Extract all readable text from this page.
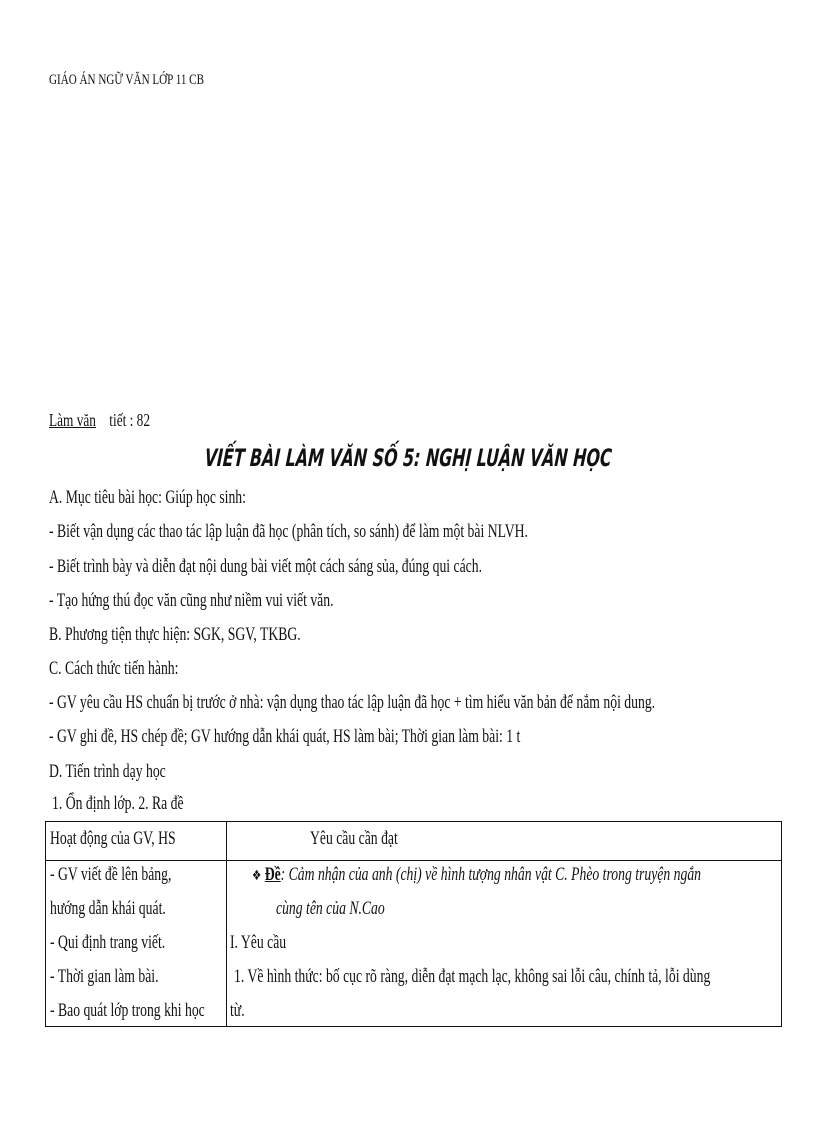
GIÁO ÁN NGỮ VĂN LỚP 11 CB
Làm văn tiết : 82
VIẾT BÀI LÀM VĂN SỐ 5: NGHỊ LUẬN VĂN HỌC
A. Mục tiêu bài học: Giúp học sinh:
- Biết vận dụng các thao tác lập luận đã học (phân tích, so sánh) để làm một bài NLVH.
- Biết trình bày và diễn đạt nội dung bài viết một cách sáng sủa, đúng qui cách.
- Tạo hứng thú đọc văn cũng như niềm vui viết văn.
B. Phương tiện thực hiện: SGK, SGV, TKBG.
C. Cách thức tiến hành:
- GV yêu cầu HS chuẩn bị trước ở nhà: vận dụng thao tác lập luận đã học + tìm hiểu văn bản để nắm nội dung.
- GV ghi đề, HS chép đề; GV hướng dẫn khái quát, HS làm bài; Thời gian làm bài: 1 t
D. Tiến trình dạy học
1. Ổn định lớp. 2. Ra đề
Hoạt động của GV, HS	Yêu cầu cần đạt
- GV viết đề lên bảng,
hướng dẫn khái quát.
- Qui định trang viết.
- Thời gian làm bài.
- Bao quát lớp trong khi học
❖ Đề: Cảm nhận của anh (chị) về hình tượng nhân vật C. Phèo trong truyện ngắn
cùng tên của N.Cao
I. Yêu cầu
1. Về hình thức: bố cục rõ ràng, diễn đạt mạch lạc, không sai lỗi câu, chính tả, lỗi dùng
từ.
